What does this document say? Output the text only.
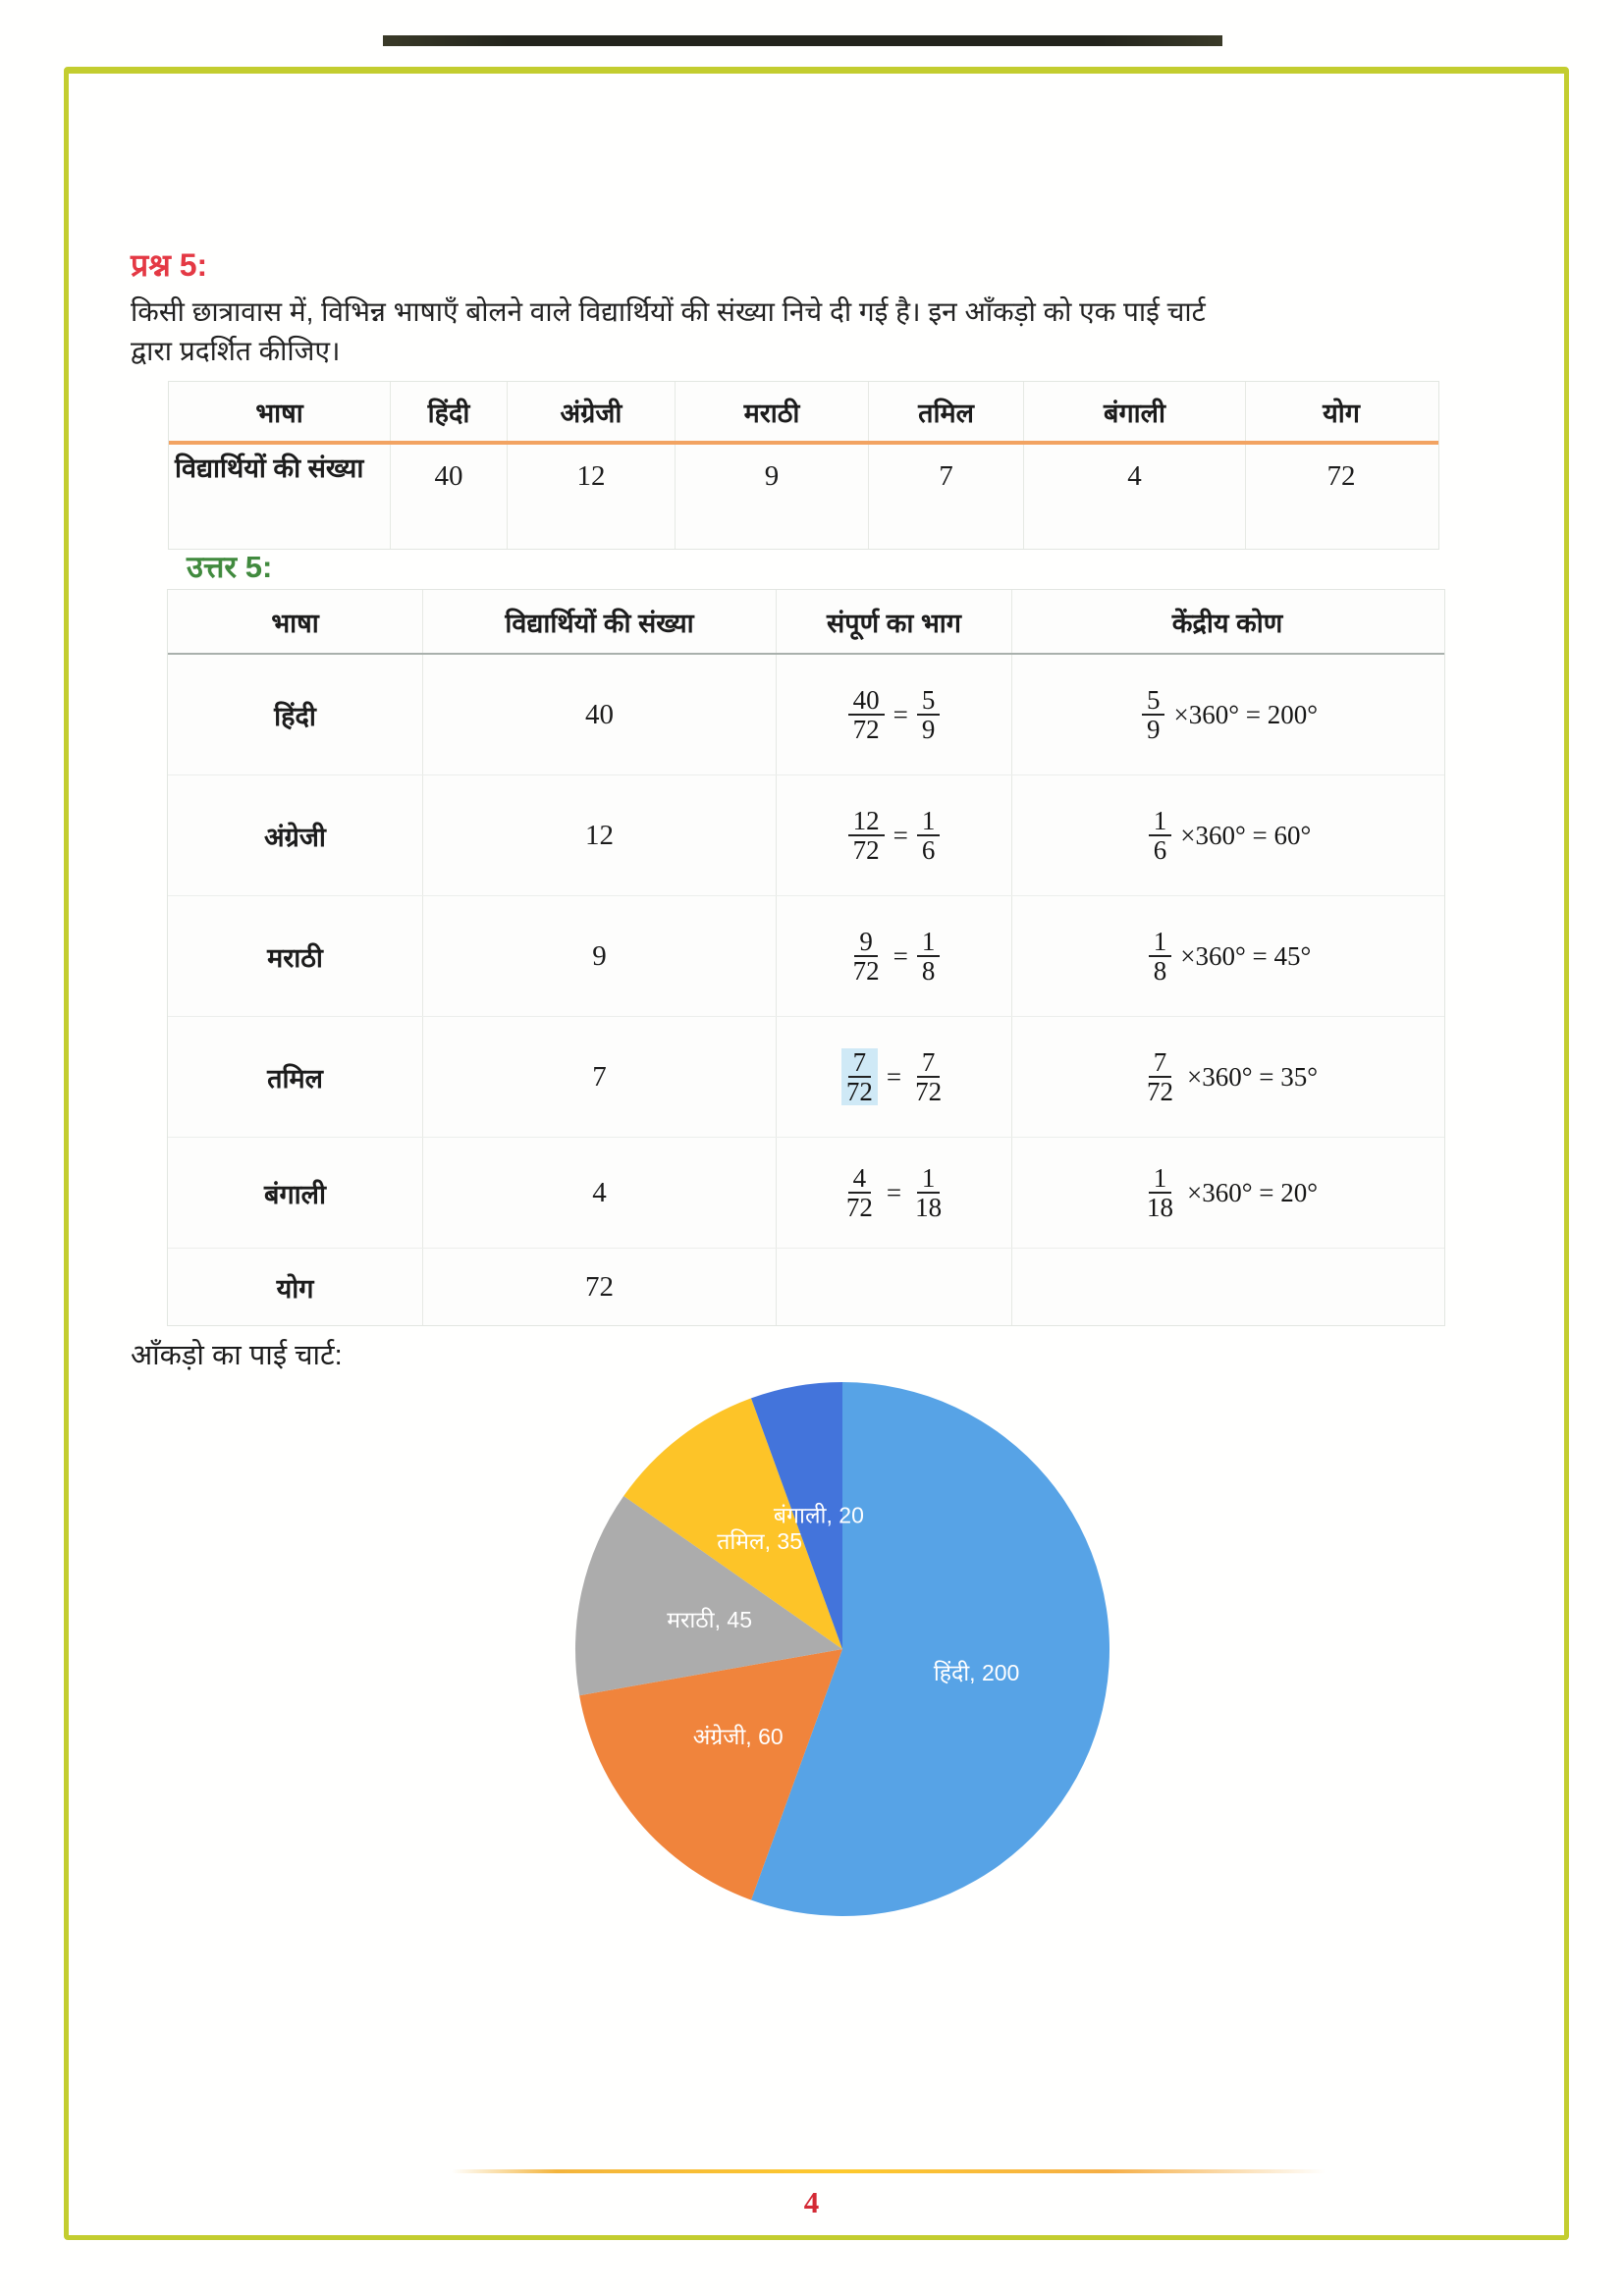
प्रश्न 5:
किसी छात्रावास में, विभिन्न भाषाएँ बोलने वाले विद्यार्थियों की संख्या निचे दी गई है। इन आँकड़ो को एक पाई चार्ट
द्वारा प्रदर्शित कीजिए।
भाषा	हिंदी	अंग्रेजी	मराठी	तमिल	बंगाली	योग
विद्यार्थियों की संख्या	40	12	9	7	4	72
उत्तर 5:
भाषा	विद्यार्थियों की संख्या	संपूर्ण का भाग	केंद्रीय कोण
हिंदी	40	$\frac{40}{72} = \frac{5}{9}$	$\frac{5}{9} \times 360^\circ = 200^\circ$
अंग्रेजी	12	$\frac{12}{72} = \frac{1}{6}$	$\frac{1}{6} \times 360^\circ = 60^\circ$
मराठी	9	$\frac{9}{72} = \frac{1}{8}$	$\frac{1}{8} \times 360^\circ = 45^\circ$
तमिल	7	$\frac{7}{72} = \frac{7}{72}$	$\frac{7}{72} \times 360^\circ = 35^\circ$
बंगाली	4	$\frac{4}{72} = \frac{1}{18}$	$\frac{1}{18} \times 360^\circ = 20^\circ$
योग	72
आँकड़ो का पाई चार्ट:
हिंदी, 200
अंग्रेजी, 60
मराठी, 45
तमिल, 35
बंगाली, 20
4
